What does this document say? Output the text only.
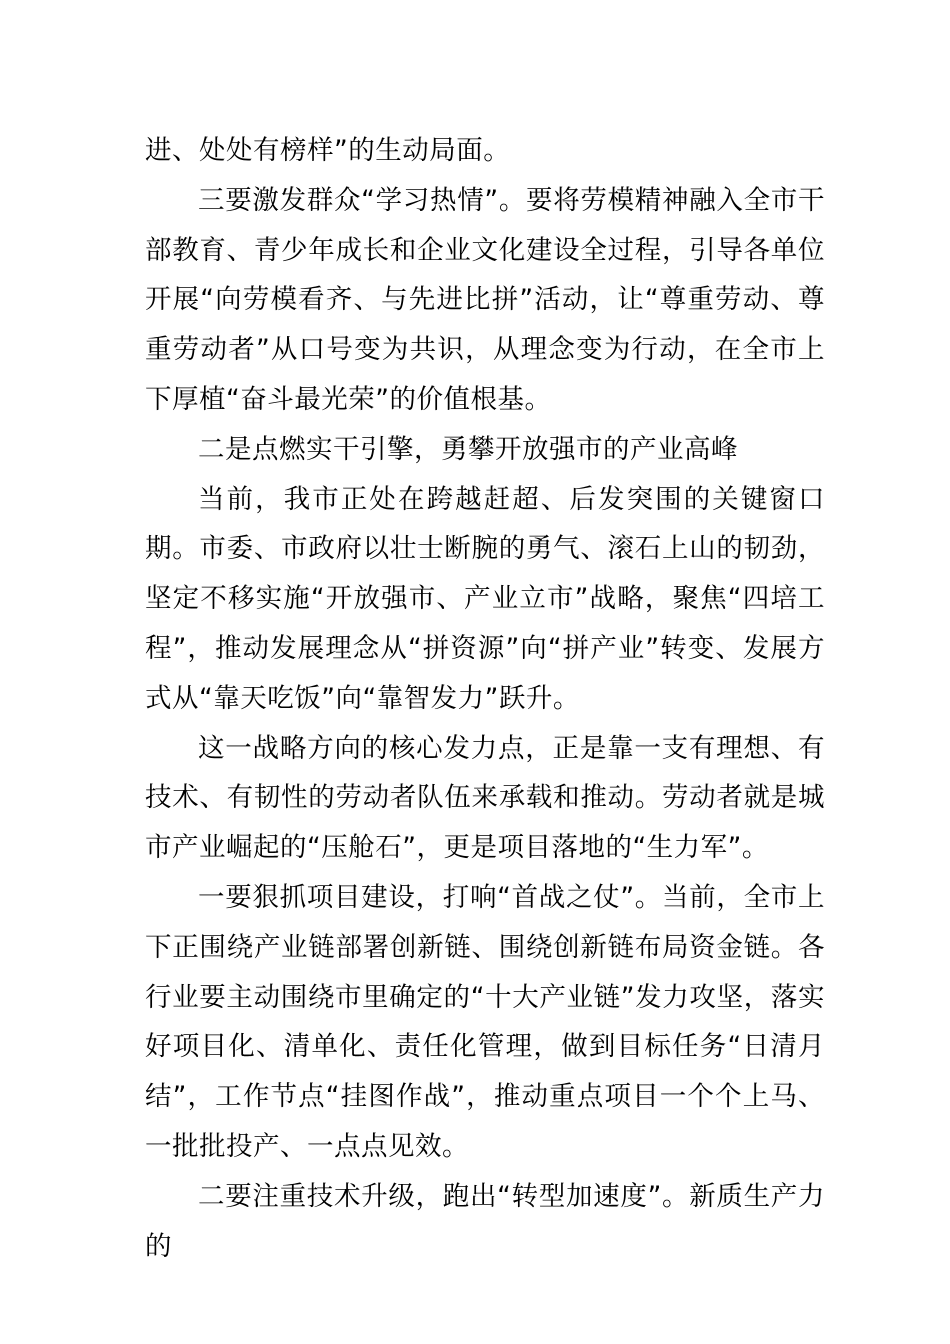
进、处处有榜样”的生动局面。

三要激发群众“学习热情”。要将劳模精神融入全市干部教育、青少年成长和企业文化建设全过程，引导各单位开展“向劳模看齐、与先进比拼”活动，让“尊重劳动、尊重劳动者”从口号变为共识，从理念变为行动，在全市上下厚植“奋斗最光荣”的价值根基。

二是点燃实干引擎，勇攀开放强市的产业高峰

当前，我市正处在跨越赶超、后发突围的关键窗口期。市委、市政府以壮士断腕的勇气、滚石上山的韧劲，坚定不移实施“开放强市、产业立市”战略，聚焦“四培工程”，推动发展理念从“拼资源”向“拼产业”转变、发展方式从“靠天吃饭”向“靠智发力”跃升。

这一战略方向的核心发力点，正是靠一支有理想、有技术、有韧性的劳动者队伍来承载和推动。劳动者就是城市产业崛起的“压舱石”，更是项目落地的“生力军”。

一要狠抓项目建设，打响“首战之仗”。当前，全市上下正围绕产业链部署创新链、围绕创新链布局资金链。各行业要主动围绕市里确定的“十大产业链”发力攻坚，落实好项目化、清单化、责任化管理，做到目标任务“日清月结”，工作节点“挂图作战”，推动重点项目一个个上马、一批批投产、一点点见效。

二要注重技术升级，跑出“转型加速度”。新质生产力的
